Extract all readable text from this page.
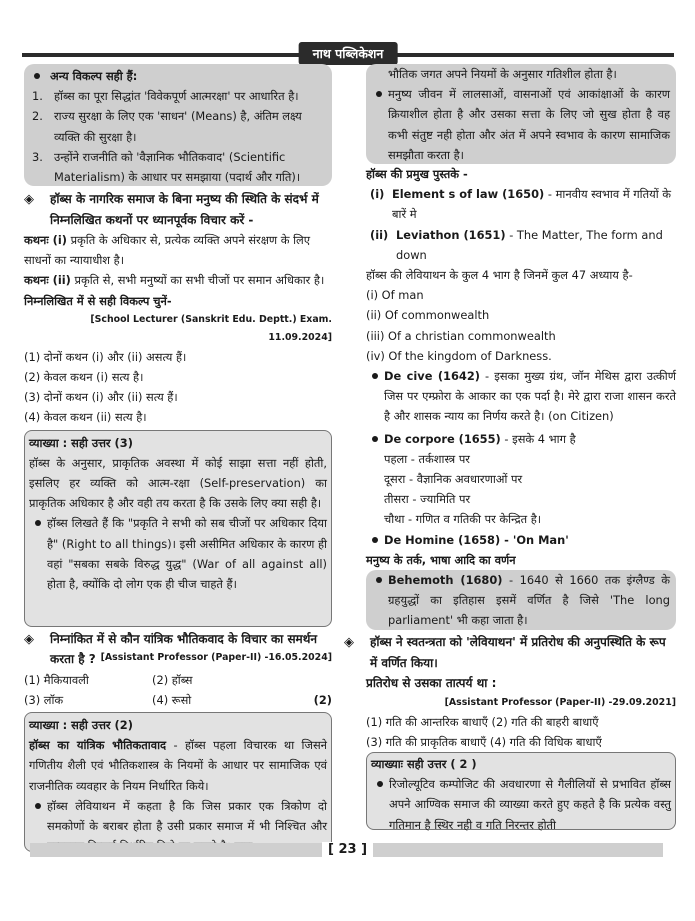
नाथ पब्लिकेशन
अन्य विकल्प सही हैं:
1. हॉब्स का पूरा सिद्धांत 'विवेकपूर्ण आत्मरक्षा' पर आधारित है।
2. राज्य सुरक्षा के लिए एक 'साधन' (Means) है, अंतिम लक्ष्य व्यक्ति की सुरक्षा है।
3. उन्होंने राजनीति को 'वैज्ञानिक भौतिकवाद' (Scientific Materialism) के आधार पर समझाया (पदार्थ और गति)।
◈ हॉब्स के नागरिक समाज के बिना मनुष्य की स्थिति के संदर्भ में निम्नलिखित कथनों पर ध्यानपूर्वक विचार करें -
कथनः (i) प्रकृति के अधिकार से, प्रत्येक व्यक्ति अपने संरक्षण के लिए साधनों का न्यायाधीश है।
कथनः (ii) प्रकृति से, सभी मनुष्यों का सभी चीजों पर समान अधिकार है।
निम्नलिखित में से सही विकल्प चुनें-
[School Lecturer (Sanskrit Edu. Deptt.) Exam. 11.09.2024]
(1) दोनों कथन (i) और (ii) असत्य हैं।
(2) केवल कथन (i) सत्य है।
(3) दोनों कथन (i) और (ii) सत्य हैं।
(4) केवल कथन (ii) सत्य है।
व्याख्या : सही उत्तर (3)
हॉब्स के अनुसार, प्राकृतिक अवस्था में कोई साझा सत्ता नहीं होती, इसलिए हर व्यक्ति को आत्म-रक्षा (Self-preservation) का प्राकृतिक अधिकार है और वही तय करता है कि उसके लिए क्या सही है।
हॉब्स लिखते हैं कि "प्रकृति ने सभी को सब चीजों पर अधिकार दिया है" (Right to all things)। इसी असीमित अधिकार के कारण ही वहां "सबका सबके विरुद्ध युद्ध" (War of all against all) होता है, क्योंकि दो लोग एक ही चीज चाहते हैं।
◈ निम्नांकित में से कौन यांत्रिक भौतिकवाद के विचार का समर्थन करता है ? [Assistant Professor (Paper-II) -16.05.2024]
(1) मैकियावली	(2) हॉब्स
(3) लॉक	(4) रूसो	(2)
व्याख्या : सही उत्तर (2)
हॉब्स का यांत्रिक भौतिकतावाद - हॉब्स पहला विचारक था जिसने गणितीय शैली एवं भौतिकशास्त्र के नियमों के आधार पर सामाजिक एवं राजनीतिक व्यवहार के नियम निर्धारित किये।
हॉब्स लेवियाथन में कहता है कि जिस प्रकार एक त्रिकोण दो समकोणों के बराबर होता है उसी प्रकार समाज में भी निश्चित और
भौतिक जगत अपने नियमों के अनुसार गतिशील होता है।
मनुष्य जीवन में लालसाओं, वासनाओं एवं आकांक्षाओं के कारण क्रियाशील होता है और उसका सत्ता के लिए जो सुख होता है वह कभी संतुष्ट नही होता और अंत में अपने स्वभाव के कारण सामाजिक समझौता करता है।
हॉब्स की प्रमुख पुस्तके -
(i) Element s of law (1650) - मानवीय स्वभाव में गतियों के बारें मे
(ii) Leviathon (1651) - The Matter, The form and down
हॉब्स की लेवियाथन के कुल 4 भाग है जिनमें कुल 47 अध्याय है-
(i) Of man
(ii) Of commonwealth
(iii) Of a christian commonwealth
(iv) Of the kingdom of Darkness.
De cive (1642) - इसका मुख्य ग्रंथ, जॉन मेथिस द्वारा उत्कीर्ण जिस पर एम्फ्रोरा के आकार का एक पर्दा है। मेरे द्वारा राजा शासन करते है और शासक न्याय का निर्णय करते है। (on Citizen)
De corpore (1655) - इसके 4 भाग है
पहला - तर्कशास्त्र पर
दूसरा - वैज्ञानिक अवधारणाओं पर
तीसरा - ज्यामिति पर
चौथा - गणित व गतिकी पर केन्द्रित है।
De Homine (1658) - 'On Man'
मनुष्य के तर्क, भाषा आदि का वर्णन
Behemoth (1680) - 1640 से 1660 तक इंग्लैण्ड के ग्रहयुद्धों का इतिहास इसमें वर्णित है जिसे 'The long parliament' भी कहा जाता है।
◈ हॉब्स ने स्वतन्त्रता को 'लेवियाथन' में प्रतिरोध की अनुपस्थिति के रूप में वर्णित किया।
प्रतिरोध से उसका तात्पर्य था :
[Assistant Professor (Paper-II) -29.09.2021]
(1) गति की आन्तरिक बाधाएँ (2) गति की बाहरी बाधाएँ
(3) गति की प्राकृतिक बाधाएँ (4) गति की विधिक बाधाएँ
व्याख्याः सही उत्तर ( 2 )
रिजोल्यूटिव कम्पोजिट की अवधारणा से गैलीलियों से प्रभावित हॉब्स अपने आण्विक समाज की व्याख्या करते हुए कहते है कि प्रत्येक वस्तु गतिमान है स्थिर नही व गति निरन्तर होती
[ 23 ]
